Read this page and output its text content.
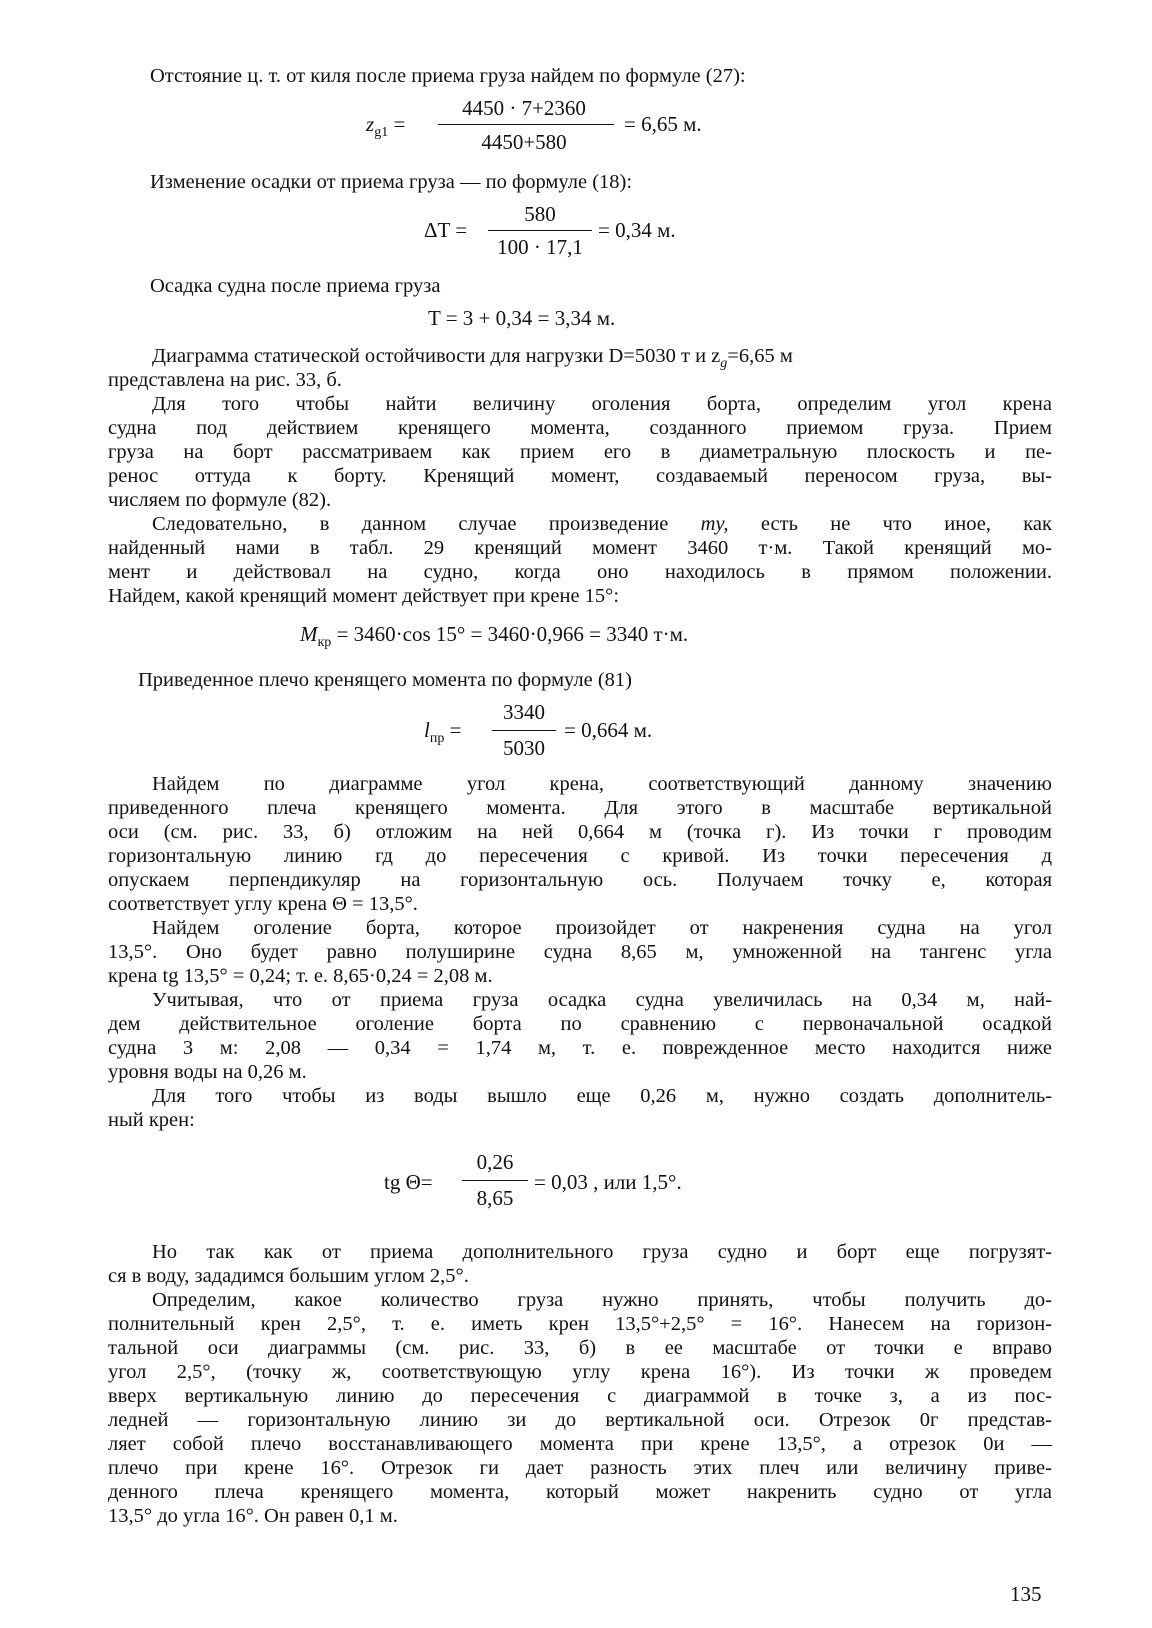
Отстояние ц. т. от киля после приема груза найдем по формуле (27):
$z_{g1}$ =
4450 · 7+2360
4450+580
= 6,65 м.
Изменение осадки от приема груза — по формуле (18):
ΔT =
580
100 · 17,1
= 0,34 м.
Осадка судна после приема груза
T = 3 + 0,34 = 3,34 м.
Диаграмма статической остойчивости для нагрузки D=5030 т и $z_g=6,65$ м
представлена на рис. 33, б.
Для того чтобы найти величину оголения борта, определим угол крена
судна под действием кренящего момента, созданного приемом груза. Прием
груза на борт рассматриваем как прием его в диаметральную плоскость и пе-
ренос оттуда к борту. Кренящий момент, создаваемый переносом груза, вы-
числяем по формуле (82).
Следовательно, в данном случае произведение my, есть не что иное, как
найденный нами в табл. 29 кренящий момент 3460 т·м. Такой кренящий мо-
мент и действовал на судно, когда оно находилось в прямом положении.
Найдем, какой кренящий момент действует при крене 15°:
$M_{кр} = 3460\cdot\cos$ 15° = 3460·0,966 = 3340 т·м.
Приведенное плечо кренящего момента по формуле (81)
$l_{пр}$ =
3340
5030
= 0,664 м.
Найдем по диаграмме угол крена, соответствующий данному значению
приведенного плеча кренящего момента. Для этого в масштабе вертикальной
оси (см. рис. 33, б) отложим на ней 0,664 м (точка г). Из точки г проводим
горизонтальную линию гд до пересечения с кривой. Из точки пересечения д
опускаем перпендикуляр на горизонтальную ось. Получаем точку е, которая
соответствует углу крена Θ = 13,5°.
Найдем оголение борта, которое произойдет от накренения судна на угол
13,5°. Оно будет равно полуширине судна 8,65 м, умноженной на тангенс угла
крена tg 13,5° = 0,24; т. е. 8,65·0,24 = 2,08 м.
Учитывая, что от приема груза осадка судна увеличилась на 0,34 м, най-
дем действительное оголение борта по сравнению с первоначальной осадкой
судна 3 м: 2,08 — 0,34 = 1,74 м, т. е. поврежденное место находится ниже
уровня воды на 0,26 м.
Для того чтобы из воды вышло еще 0,26 м, нужно создать дополнитель-
ный крен:
tg Θ=
0,26
8,65
= 0,03 , или 1,5°.
Но так как от приема дополнительного груза судно и борт еще погрузят-
ся в воду, зададимся большим углом 2,5°.
Определим, какое количество груза нужно принять, чтобы получить до-
полнительный крен 2,5°, т. е. иметь крен 13,5°+2,5° = 16°. Нанесем на горизон-
тальной оси диаграммы (см. рис. 33, б) в ее масштабе от точки е вправо
угол 2,5°, (точку ж, соответствующую углу крена 16°). Из точки ж проведем
вверх вертикальную линию до пересечения с диаграммой в точке з, а из пос-
ледней — горизонтальную линию зи до вертикальной оси. Отрезок 0г представ-
ляет собой плечо восстанавливающего момента при крене 13,5°, а отрезок 0и —
плечо при крене 16°. Отрезок ги дает разность этих плеч или величину приве-
денного плеча кренящего момента, который может накренить судно от угла
13,5° до угла 16°. Он равен 0,1 м.
135
